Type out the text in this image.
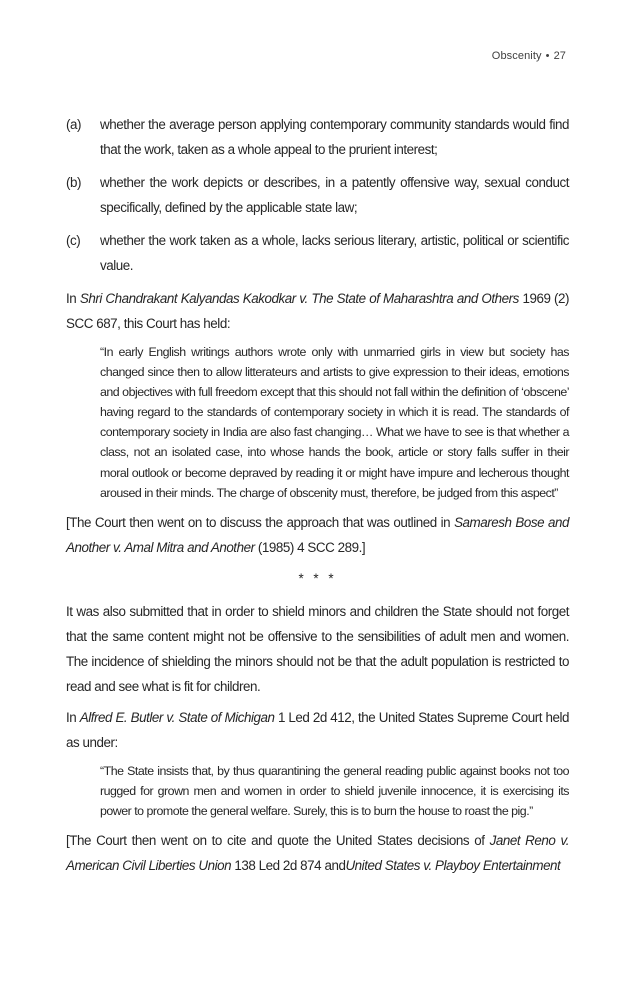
Obscenity • 27
(a) whether the average person applying contemporary community standards would find that the work, taken as a whole appeal to the prurient interest;
(b) whether the work depicts or describes, in a patently offensive way, sexual conduct specifically, defined by the applicable state law;
(c) whether the work taken as a whole, lacks serious literary, artistic, political or scientific value.

In Shri Chandrakant Kalyandas Kakodkar v. The State of Maharashtra and Others 1969 (2) SCC 687, this Court has held:

“In early English writings authors wrote only with unmarried girls in view but society has changed since then to allow litterateurs and artists to give expression to their ideas, emotions and objectives with full freedom except that this should not fall within the definition of ‘obscene’ having regard to the standards of contemporary society in which it is read. The standards of contemporary society in India are also fast changing… What we have to see is that whether a class, not an isolated case, into whose hands the book, article or story falls suffer in their moral outlook or become depraved by reading it or might have impure and lecherous thought aroused in their minds. The charge of obscenity must, therefore, be judged from this aspect”

[The Court then went on to discuss the approach that was outlined in Samaresh Bose and Another v. Amal Mitra and Another (1985) 4 SCC 289.]

* * *

It was also submitted that in order to shield minors and children the State should not forget that the same content might not be offensive to the sensibilities of adult men and women. The incidence of shielding the minors should not be that the adult population is restricted to read and see what is fit for children.

In Alfred E. Butler v. State of Michigan 1 Led 2d 412, the United States Supreme Court held as under:

“The State insists that, by thus quarantining the general reading public against books not too rugged for grown men and women in order to shield juvenile innocence, it is exercising its power to promote the general welfare. Surely, this is to burn the house to roast the pig.”

[The Court then went on to cite and quote the United States decisions of Janet Reno v. American Civil Liberties Union 138 Led 2d 874 andUnited States v. Playboy Entertainment
